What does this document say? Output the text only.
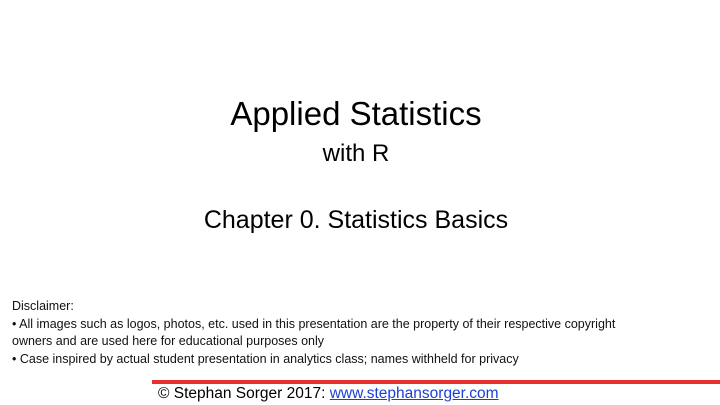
Applied Statistics
with R
Chapter 0. Statistics Basics
Disclaimer:
• All images such as logos, photos, etc. used in this presentation are the property of their respective copyright
owners and are used here for educational purposes only
• Case inspired by actual student presentation in analytics class; names withheld for privacy
© Stephan Sorger 2017: www.stephansorger.com
